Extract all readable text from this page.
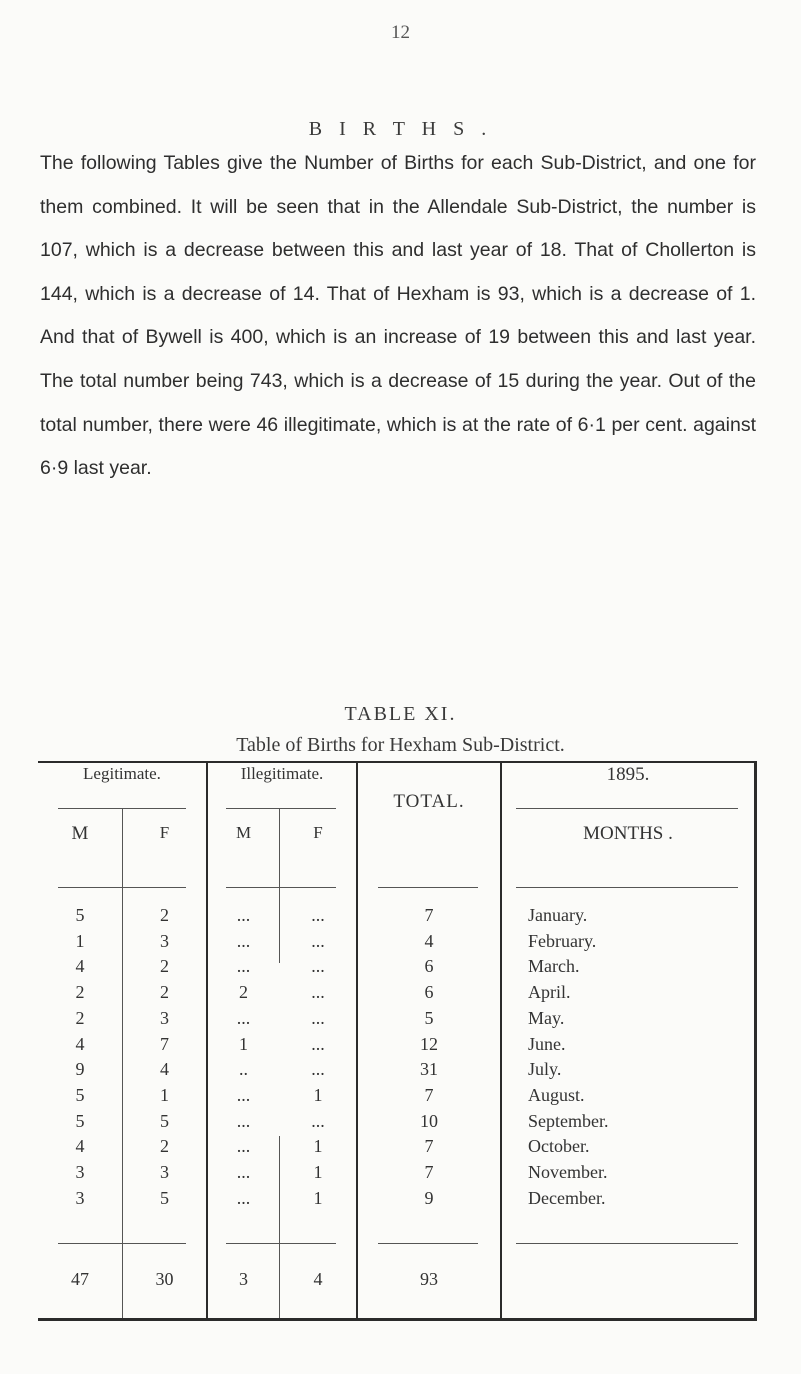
12
B I R T H S .
The following Tables give the Number of Births for each Sub-District, and one for them combined. It will be seen that in the Allendale Sub-District, the number is 107, which is a decrease between this and last year of 18. That of Chollerton is 144, which is a decrease of 14. That of Hexham is 93, which is a decrease of 1. And that of Bywell is 400, which is an increase of 19 between this and last year. The total number being 743, which is a decrease of 15 during the year. Out of the total number, there were 46 illegitimate, which is at the rate of 6·1 per cent. against 6·9 last year.
TABLE XI.
Table of Births for Hexham Sub-District.
Legitimate.	Illegitimate.
TOTAL.
1895.
MONTHS .
M	F	M	F
5	2	...	...	7	January.
1	3	...	...	4	February.
4	2	...	...	6	March.
2	2	2	...	6	April.
2	3	...	...	5	May.
4	7	1	...	12	June.
9	4	..	...	31	July.
5	1	...	1	7	August.
5	5	...	...	10	September.
4	2	...	1	7	October.
3	3	...	1	7	November.
3	5	...	1	9	December.
47	30	3	4	93
